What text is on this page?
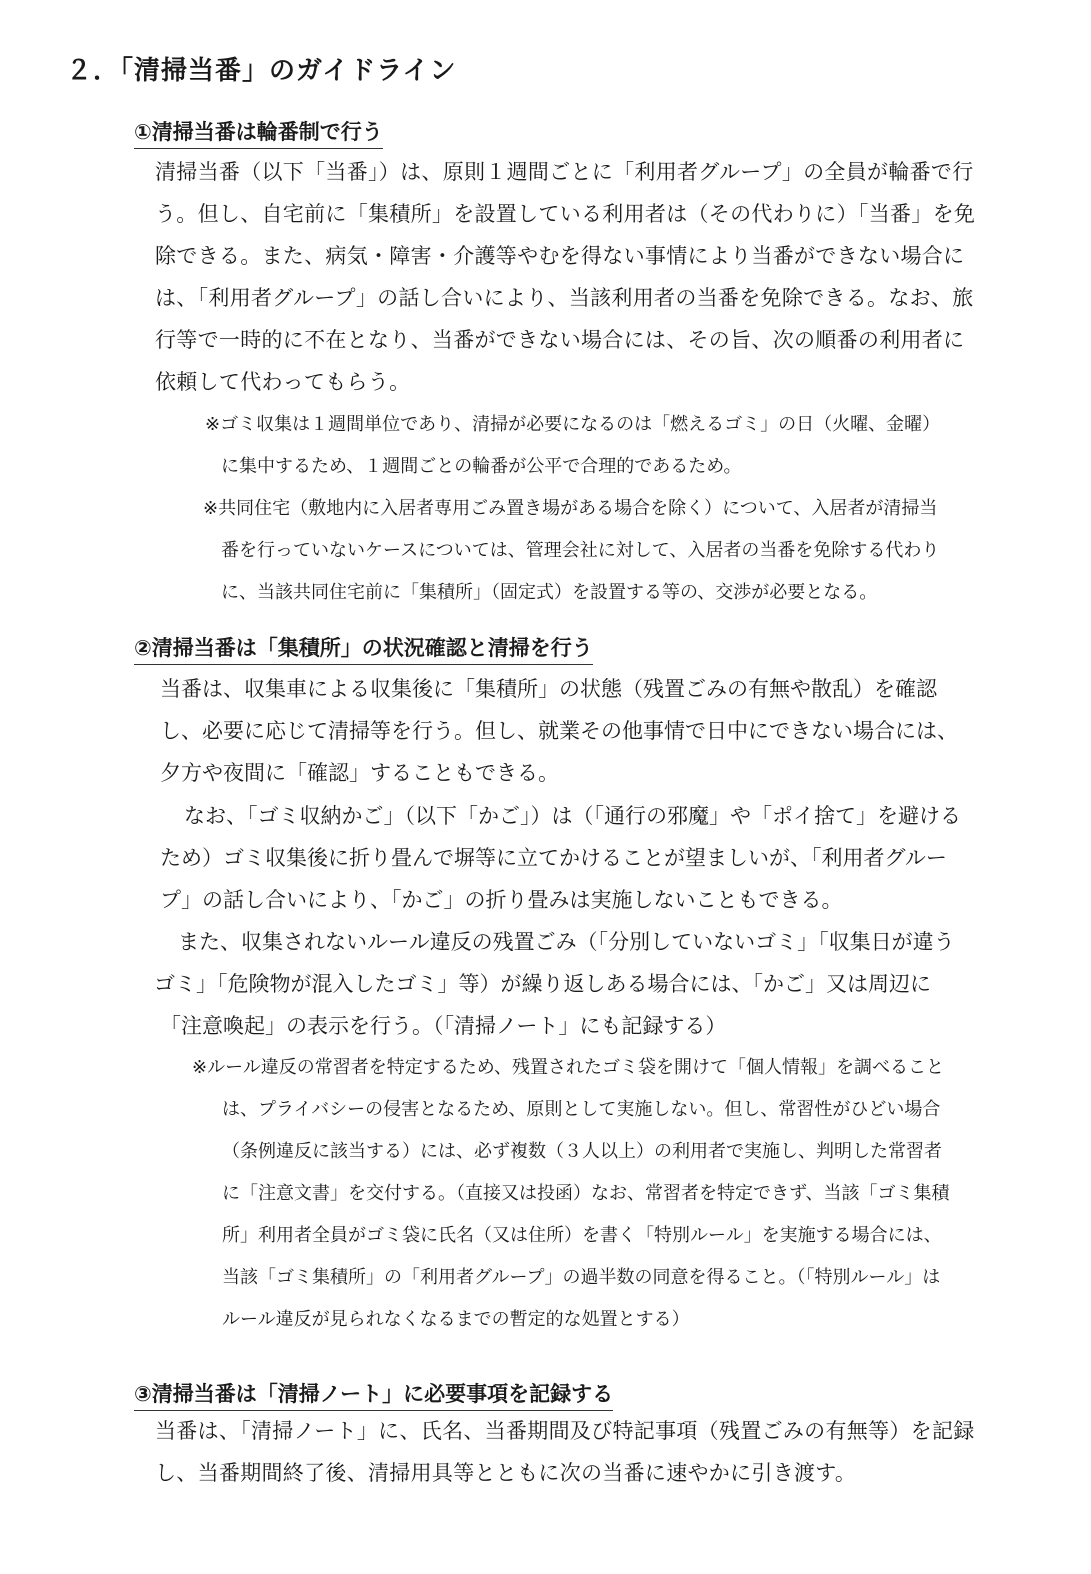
２．「清掃当番」のガイドライン
①清掃当番は輪番制で行う
清掃当番（以下「当番」）は、原則１週間ごとに「利用者グループ」の全員が輪番で行
う。但し、自宅前に「集積所」を設置している利用者は（その代わりに）「当番」を免
除できる。また、病気・障害・介護等やむを得ない事情により当番ができない場合に
は、「利用者グループ」の話し合いにより、当該利用者の当番を免除できる。なお、旅
行等で一時的に不在となり、当番ができない場合には、その旨、次の順番の利用者に
依頼して代わってもらう。
※ゴミ収集は１週間単位であり、清掃が必要になるのは「燃えるゴミ」の日（火曜、金曜）
に集中するため、１週間ごとの輪番が公平で合理的であるため。
※共同住宅（敷地内に入居者専用ごみ置き場がある場合を除く）について、入居者が清掃当
番を行っていないケースについては、管理会社に対して、入居者の当番を免除する代わり
に、当該共同住宅前に「集積所」（固定式）を設置する等の、交渉が必要となる。
②清掃当番は「集積所」の状況確認と清掃を行う
当番は、収集車による収集後に「集積所」の状態（残置ごみの有無や散乱）を確認
し、必要に応じて清掃等を行う。但し、就業その他事情で日中にできない場合には、
夕方や夜間に「確認」することもできる。
なお、「ゴミ収納かご」（以下「かご」）は（「通行の邪魔」や「ポイ捨て」を避ける
ため）ゴミ収集後に折り畳んで塀等に立てかけることが望ましいが、「利用者グルー
プ」の話し合いにより、「かご」の折り畳みは実施しないこともできる。
また、収集されないルール違反の残置ごみ（「分別していないゴミ」「収集日が違う
ゴミ」「危険物が混入したゴミ」等）が繰り返しある場合には、「かご」又は周辺に
「注意喚起」の表示を行う。（「清掃ノート」にも記録する）
※ルール違反の常習者を特定するため、残置されたゴミ袋を開けて「個人情報」を調べること
は、プライバシーの侵害となるため、原則として実施しない。但し、常習性がひどい場合
（条例違反に該当する）には、必ず複数（３人以上）の利用者で実施し、判明した常習者
に「注意文書」を交付する。（直接又は投函）なお、常習者を特定できず、当該「ゴミ集積
所」利用者全員がゴミ袋に氏名（又は住所）を書く「特別ルール」を実施する場合には、
当該「ゴミ集積所」の「利用者グループ」の過半数の同意を得ること。（「特別ルール」は
ルール違反が見られなくなるまでの暫定的な処置とする）
③清掃当番は「清掃ノート」に必要事項を記録する
当番は、「清掃ノート」に、氏名、当番期間及び特記事項（残置ごみの有無等）を記録
し、当番期間終了後、清掃用具等とともに次の当番に速やかに引き渡す。
